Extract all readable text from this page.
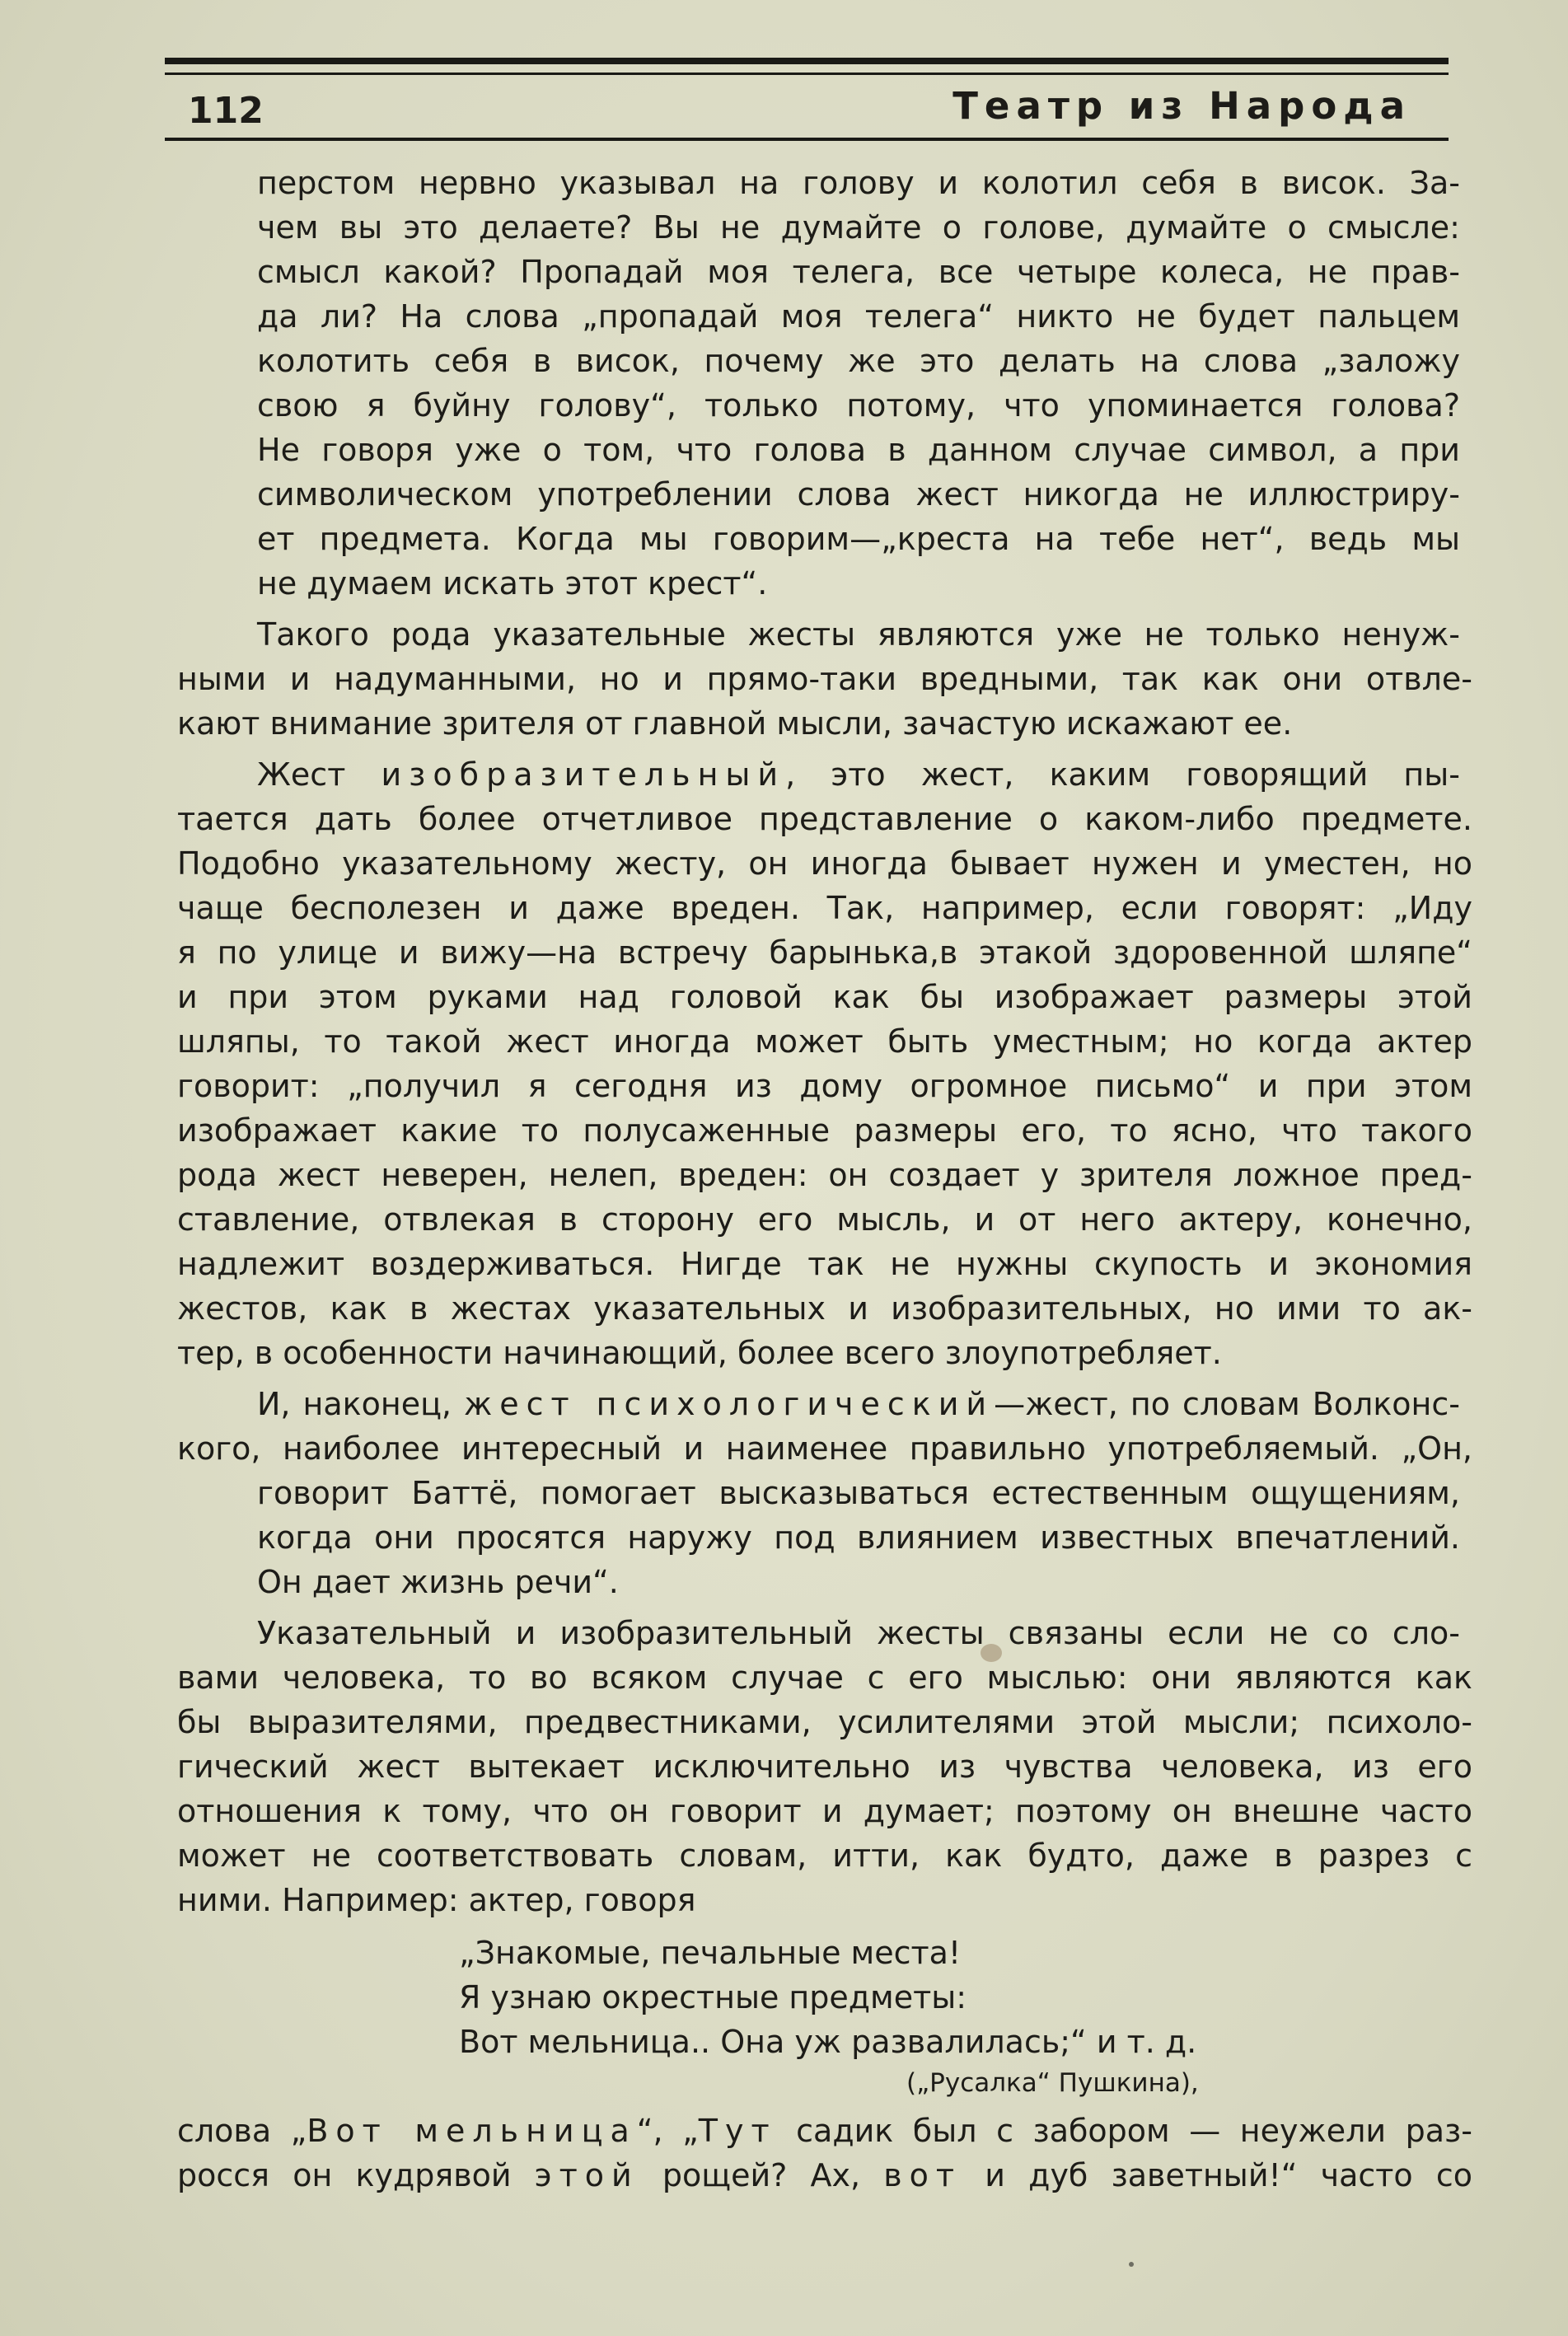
112	Театр из Народа
перстом нервно указывал на голову и колотил себя в висок. За-
чем вы это делаете? Вы не думайте о голове, думайте о смысле:
смысл какой? Пропадай моя телега, все четыре колеса, не прав-
да ли? На слова „пропадай моя телега“ никто не будет пальцем
колотить себя в висок, почему же это делать на слова „заложу
свою я буйну голову“, только потому, что упоминается голова?
Не говоря уже о том, что голова в данном случае символ, а при
символическом употреблении слова жест никогда не иллюстриру-
ет предмета. Когда мы говорим—„креста на тебе нет“, ведь мы
не думаем искать этот крест“.
Такого рода указательные жесты являются уже не только ненуж-
ными и надуманными, но и прямо-таки вредными, так как они отвле-
кают внимание зрителя от главной мысли, зачастую искажают ее.
Жест изобразительный, это жест, каким говорящий пы-
тается дать более отчетливое представление о каком-либо предмете.
Подобно указательному жесту, он иногда бывает нужен и уместен, но
чаще бесполезен и даже вреден. Так, например, если говорят: „Иду
я по улице и вижу—на встречу барынька,в этакой здоровенной шляпе“
и при этом руками над головой как бы изображает размеры этой
шляпы, то такой жест иногда может быть уместным; но когда актер
говорит: „получил я сегодня из дому огромное письмо“ и при этом
изображает какие то полусаженные размеры его, то ясно, что такого
рода жест неверен, нелеп, вреден: он создает у зрителя ложное пред-
ставление, отвлекая в сторону его мысль, и от него актеру, конечно,
надлежит воздерживаться. Нигде так не нужны скупость и экономия
жестов, как в жестах указательных и изобразительных, но ими то ак-
тер, в особенности начинающий, более всего злоупотребляет.
И, наконец, жест психологический—жест, по словам Волконс-
кого, наиболее интересный и наименее правильно употребляемый. „Он,
говорит Баттё, помогает высказываться естественным ощущениям,
когда они просятся наружу под влиянием известных впечатлений.
Он дает жизнь речи“.
Указательный и изобразительный жесты связаны если не со сло-
вами человека, то во всяком случае с его мыслью: они являются как
бы выразителями, предвестниками, усилителями этой мысли; психоло-
гический жест вытекает исключительно из чувства человека, из его
отношения к тому, что он говорит и думает; поэтому он внешне часто
может не соответствовать словам, итти, как будто, даже в разрез с
ними. Например: актер, говоря
„Знакомые, печальные места!
Я узнаю окрестные предметы:
Вот мельница.. Она уж развалилась;“ и т. д.
(„Русалка“ Пушкина),
слова „Вот мельница“, „Тут садик был с забором — неужели раз-
росся он кудрявой этой рощей? Ах, вот и дуб заветный!“ часто со
